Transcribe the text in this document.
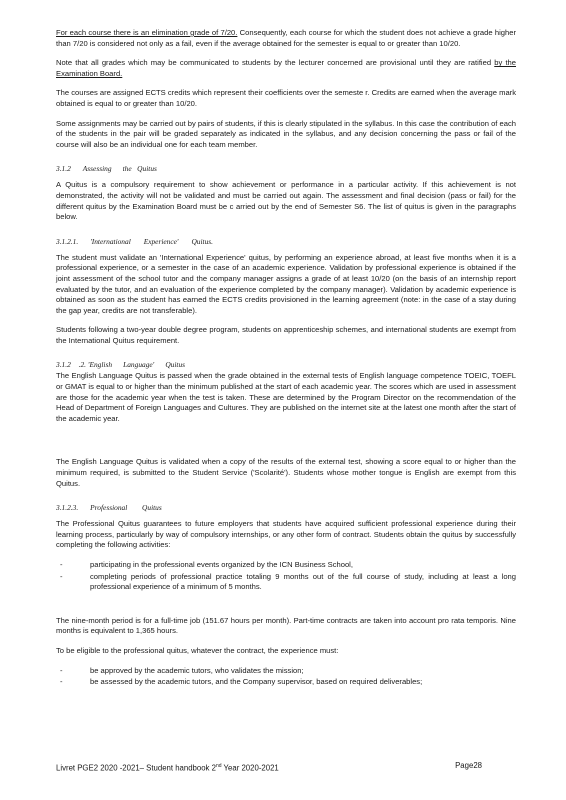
For each course there is an elimination grade of 7/20. Consequently, each course for which the student does not achieve a grade higher than 7/20 is considered not only as a fail, even if the average obtained for the semester is equal to or greater than 10/20.

Note that all grades which may be communicated to students by the lecturer concerned are provisional until they are ratified by the Examination Board.

The courses are assigned ECTS credits which represent their coefficients over the semeste r. Credits are earned when the average mark obtained is equal to or greater than 10/20.

Some assignments may be carried out by pairs of students, if this is clearly stipulated in the syllabus. In this case the contribution of each of the students in the pair will be graded separately as indicated in the syllabus, and any decision concerning the pass or fail of the course will also be an individual one for each team member.

3.1.2 Assessing      the   Quitus

A Quitus is a compulsory requirement to show achievement or performance in a particular activity. If this achievement is not demonstrated, the activity will not be validated and must be carried out again. The assessment and final decision (pass or fail) for the different quitus by the Examination Board must be c arried out by the end of Semester S6. The list of quitus is given in the paragraphs below.

3.1.2.1. 'International       Experience'       Quitus.

The student must validate an 'International Experience' quitus, by performing an experience abroad, at least five months when it is a professional experience, or a semester in the case of an academic experience. Validation by professional experience is obtained if the joint assessment of the school tutor and the company manager assigns a grade of at least 10/20 (on the basis of an internship report evaluated by the tutor, and an evaluation of the experience completed by the company manager). Validation by academic experience is obtained as soon as the student has earned the ECTS credits provisioned in the learning agreement (note: in the case of a stay during the gap year, credits are not transferable).

Students following a two-year double degree program, students on apprenticeship schemes, and international students are exempt from the International Quitus requirement.

3.1.2 .2. 'English      Language'      Quitus

The English Language Quitus is passed when the grade obtained in the external tests of English language competence TOEIC, TOEFL or GMAT is equal to or higher than the minimum published at the start of each academic year. The scores which are used in assessment are those for the academic year when the test is taken. These are determined by the Program Director on the recommendation of the Head of Department of Foreign Languages and Cultures. They are published on the internet site at the latest one month after the start of the academic year.

The English Language Quitus is validated when a copy of the results of the external test, showing a score equal to or higher than the minimum required, is submitted to the Student Service ('Scolarité'). Students whose mother tongue is English are exempt from this Quitus.

3.1.2.3. Professional        Quitus

The Professional Quitus guarantees to future employers that students have acquired sufficient professional experience during their learning process, particularly by way of compulsory internships, or any other form of contract. Students obtain the quitus by successfully completing the following activities:

-	participating in the professional events organized by the ICN Business School,
-	completing periods of professional practice totaling 9 months out of the full course of study, including at least a long professional experience of a minimum of 5 months.

The nine-month period is for a full-time job (151.67 hours per month). Part-time contracts are taken into account pro rata temporis. Nine months is equivalent to 1,365 hours.

To be eligible to the professional quitus, whatever the contract, the experience must:

-	be approved by the academic tutors, who validates the mission;
-	be assessed by the academic tutors, and the Company supervisor, based on required deliverables;
Livret PGE2 2020 -2021– Student handbook 2nd Year 2020-2021	Page28
